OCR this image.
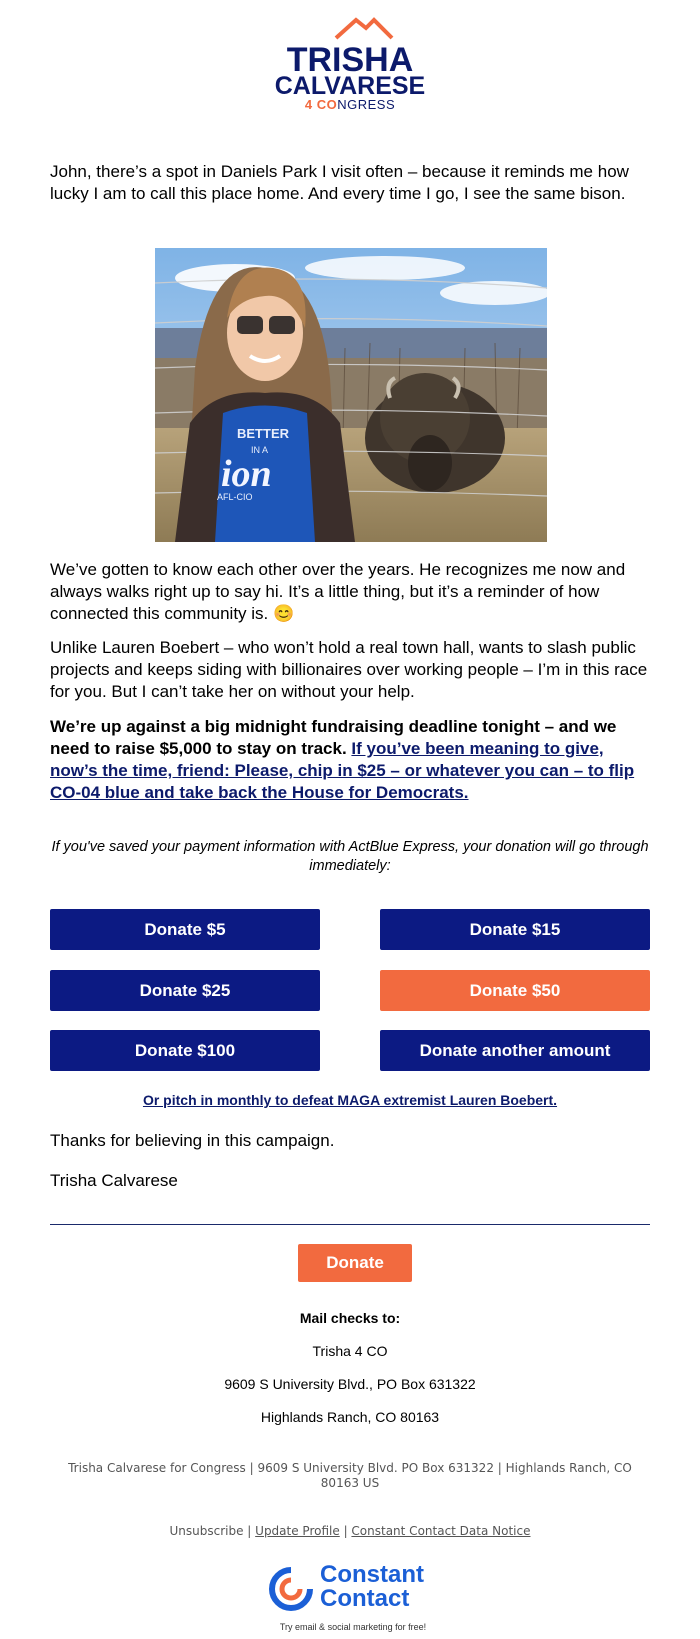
TRISHA
CALVARESE
4 CONGRESS

John, there’s a spot in Daniels Park I visit often – because it reminds me how lucky I am to call this place home. And every time I go, I see the same bison.

BETTER
IN A
ion
AFL-CIO

We’ve gotten to know each other over the years. He recognizes me now and always walks right up to say hi. It’s a little thing, but it’s a reminder of how connected this community is. 😊

Unlike Lauren Boebert – who won’t hold a real town hall, wants to slash public projects and keeps siding with billionaires over working people – I’m in this race for you. But I can’t take her on without your help.

We’re up against a big midnight fundraising deadline tonight – and we need to raise $5,000 to stay on track. If you’ve been meaning to give, now’s the time, friend: Please, chip in $25 – or whatever you can – to flip CO-04 blue and take back the House for Democrats.

If you've saved your payment information with ActBlue Express, your donation will go through immediately:
Donate $5	Donate $15
Donate $25	Donate $50
Donate $100	Donate another amount
Or pitch in monthly to defeat MAGA extremist Lauren Boebert.

Thanks for believing in this campaign.

Trisha Calvarese

Donate
Mail checks to:
Trisha 4 CO
9609 S University Blvd., PO Box 631322
Highlands Ranch, CO 80163
Trisha Calvarese for Congress | 9609 S University Blvd. PO Box 631322 | Highlands Ranch, CO 80163 US
Unsubscribe | Update Profile | Constant Contact Data Notice
Constant
Contact
Try email & social marketing for free!
